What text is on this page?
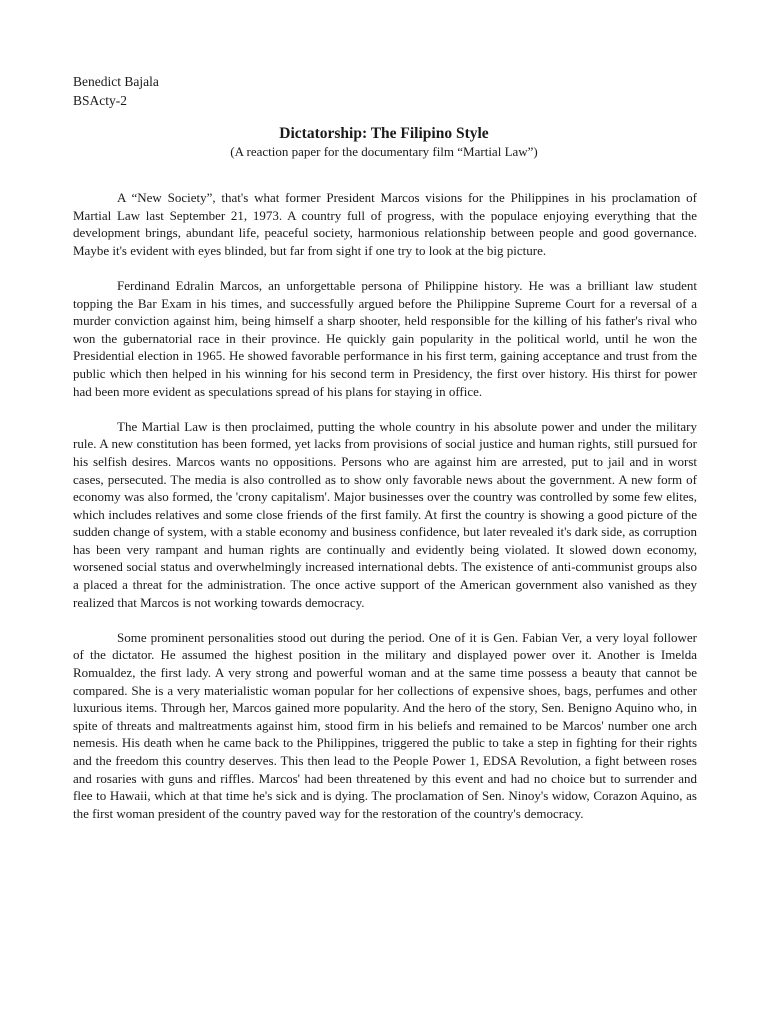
Benedict Bajala
BSActy-2
Dictatorship: The Filipino Style
(A reaction paper for the documentary film “Martial Law”)

A “New Society”, that's what former President Marcos visions for the Philippines in his proclamation of Martial Law last September 21, 1973. A country full of progress, with the populace enjoying everything that the development brings, abundant life, peaceful society, harmonious relationship between people and good governance. Maybe it's evident with eyes blinded, but far from sight if one try to look at the big picture.

Ferdinand Edralin Marcos, an unforgettable persona of Philippine history. He was a brilliant law student topping the Bar Exam in his times, and successfully argued before the Philippine Supreme Court for a reversal of a murder conviction against him, being himself a sharp shooter, held responsible for the killing of his father's rival who won the gubernatorial race in their province. He quickly gain popularity in the political world, until he won the Presidential election in 1965. He showed favorable performance in his first term, gaining acceptance and trust from the public which then helped in his winning for his second term in Presidency, the first over history. His thirst for power had been more evident as speculations spread of his plans for staying in office.

The Martial Law is then proclaimed, putting the whole country in his absolute power and under the military rule. A new constitution has been formed, yet lacks from provisions of social justice and human rights, still pursued for his selfish desires. Marcos wants no oppositions. Persons who are against him are arrested, put to jail and in worst cases, persecuted. The media is also controlled as to show only favorable news about the government. A new form of economy was also formed, the 'crony capitalism'. Major businesses over the country was controlled by some few elites, which includes relatives and some close friends of the first family. At first the country is showing a good picture of the sudden change of system, with a stable economy and business confidence, but later revealed it's dark side, as corruption has been very rampant and human rights are continually and evidently being violated. It slowed down economy, worsened social status and overwhelmingly increased international debts. The existence of anti-communist groups also a placed a threat for the administration. The once active support of the American government also vanished as they realized that Marcos is not working towards democracy.

Some prominent personalities stood out during the period. One of it is Gen. Fabian Ver, a very loyal follower of the dictator. He assumed the highest position in the military and displayed power over it. Another is Imelda Romualdez, the first lady. A very strong and powerful woman and at the same time possess a beauty that cannot be compared. She is a very materialistic woman popular for her collections of expensive shoes, bags, perfumes and other luxurious items. Through her, Marcos gained more popularity. And the hero of the story, Sen. Benigno Aquino who, in spite of threats and maltreatments against him, stood firm in his beliefs and remained to be Marcos' number one arch nemesis. His death when he came back to the Philippines, triggered the public to take a step in fighting for their rights and the freedom this country deserves. This then lead to the People Power 1, EDSA Revolution, a fight between roses and rosaries with guns and riffles. Marcos' had been threatened by this event and had no choice but to surrender and flee to Hawaii, which at that time he's sick and is dying. The proclamation of Sen. Ninoy's widow, Corazon Aquino, as the first woman president of the country paved way for the restoration of the country's democracy.
